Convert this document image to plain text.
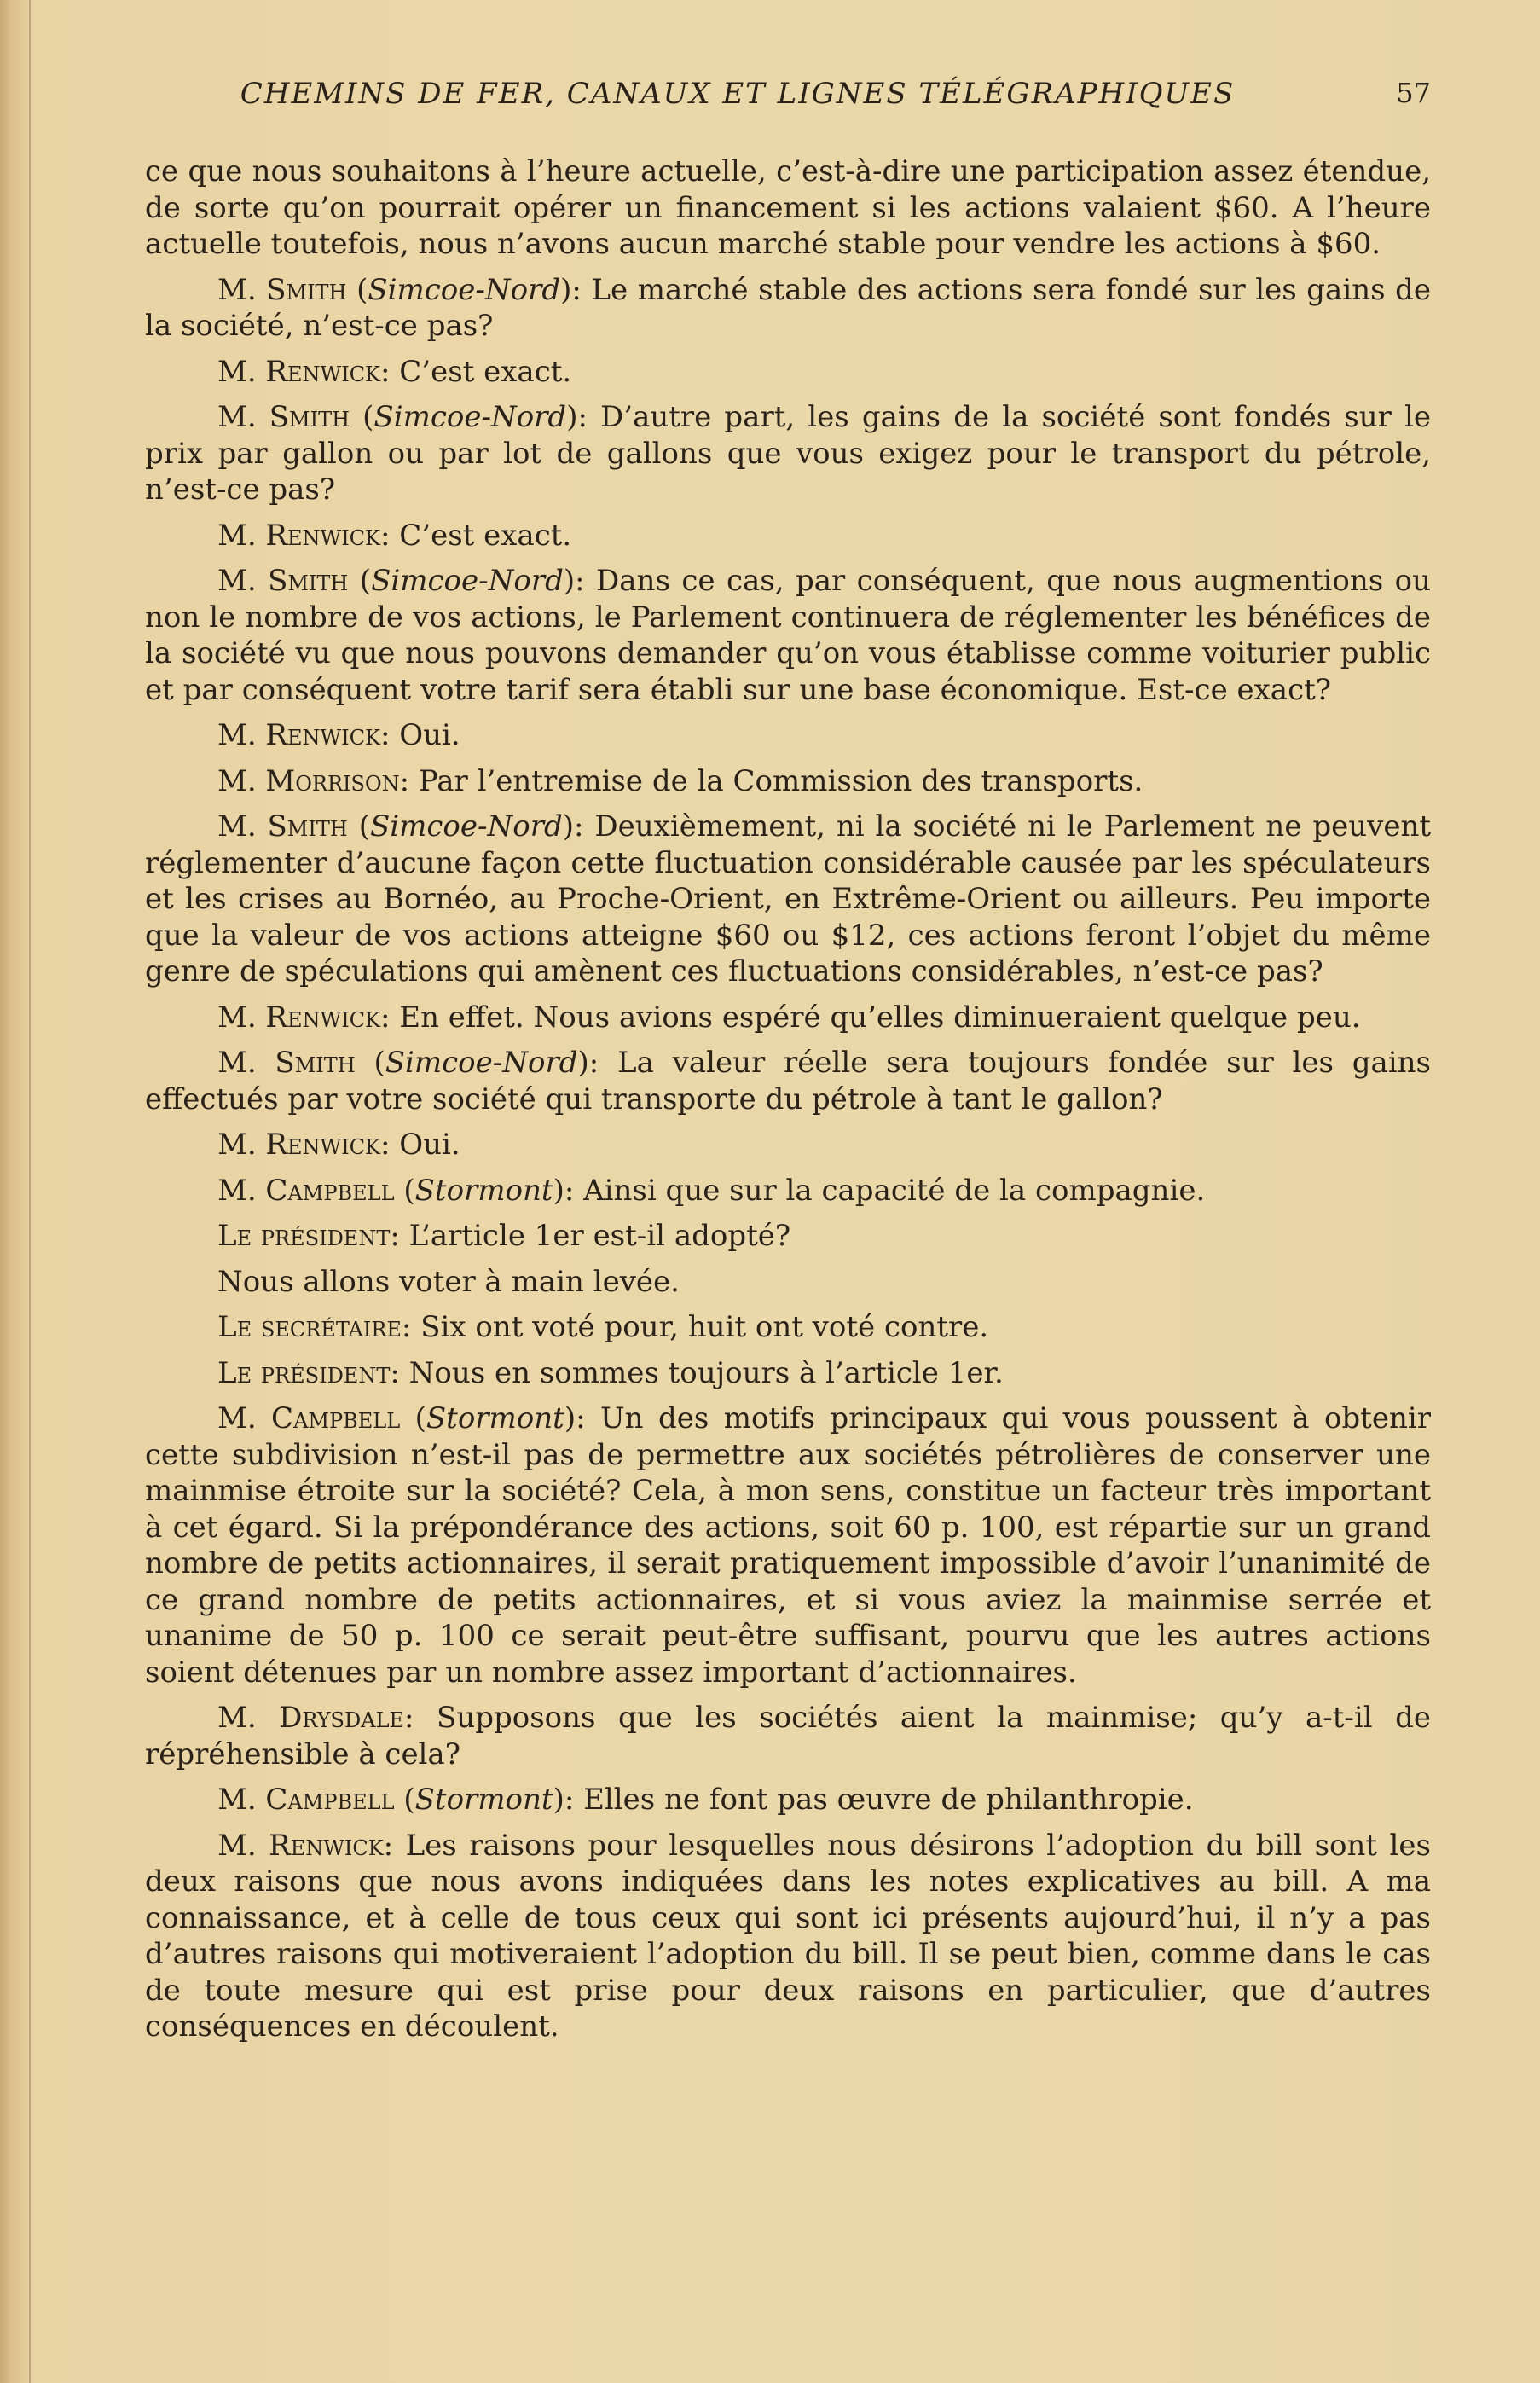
CHEMINS DE FER, CANAUX ET LIGNES TÉLÉGRAPHIQUES	57

ce que nous souhaitons à l’heure actuelle, c’est-à-dire une participation assez étendue, de sorte qu’on pourrait opérer un financement si les actions valaient $60. A l’heure actuelle toutefois, nous n’avons aucun marché stable pour vendre les actions à $60.

M. Smith (Simcoe-Nord): Le marché stable des actions sera fondé sur les gains de la société, n’est-ce pas?

M. Renwick: C’est exact.

M. Smith (Simcoe-Nord): D’autre part, les gains de la société sont fondés sur le prix par gallon ou par lot de gallons que vous exigez pour le transport du pétrole, n’est-ce pas?

M. Renwick: C’est exact.

M. Smith (Simcoe-Nord): Dans ce cas, par conséquent, que nous augmentions ou non le nombre de vos actions, le Parlement continuera de réglementer les bénéfices de la société vu que nous pouvons demander qu’on vous établisse comme voiturier public et par conséquent votre tarif sera établi sur une base économique. Est-ce exact?

M. Renwick: Oui.

M. Morrison: Par l’entremise de la Commission des transports.

M. Smith (Simcoe-Nord): Deuxièmement, ni la société ni le Parlement ne peuvent réglementer d’aucune façon cette fluctuation considérable causée par les spéculateurs et les crises au Bornéo, au Proche-Orient, en Extrême-Orient ou ailleurs. Peu importe que la valeur de vos actions atteigne $60 ou $12, ces actions feront l’objet du même genre de spéculations qui amènent ces fluctuations considérables, n’est-ce pas?

M. Renwick: En effet. Nous avions espéré qu’elles diminueraient quelque peu.

M. Smith (Simcoe-Nord): La valeur réelle sera toujours fondée sur les gains effectués par votre société qui transporte du pétrole à tant le gallon?

M. Renwick: Oui.

M. Campbell (Stormont): Ainsi que sur la capacité de la compagnie.

Le président: L’article 1er est-il adopté?

Nous allons voter à main levée.

Le secrétaire: Six ont voté pour, huit ont voté contre.

Le président: Nous en sommes toujours à l’article 1er.

M. Campbell (Stormont): Un des motifs principaux qui vous poussent à obtenir cette subdivision n’est-il pas de permettre aux sociétés pétrolières de conserver une mainmise étroite sur la société? Cela, à mon sens, constitue un facteur très important à cet égard. Si la prépondérance des actions, soit 60 p. 100, est répartie sur un grand nombre de petits actionnaires, il serait pratiquement impossible d’avoir l’unanimité de ce grand nombre de petits actionnaires, et si vous aviez la mainmise serrée et unanime de 50 p. 100 ce serait peut-être suffisant, pourvu que les autres actions soient détenues par un nombre assez important d’actionnaires.

M. Drysdale: Supposons que les sociétés aient la mainmise; qu’y a-t-il de répréhensible à cela?

M. Campbell (Stormont): Elles ne font pas œuvre de philanthropie.

M. Renwick: Les raisons pour lesquelles nous désirons l’adoption du bill sont les deux raisons que nous avons indiquées dans les notes explicatives au bill. A ma connaissance, et à celle de tous ceux qui sont ici présents aujourd’hui, il n’y a pas d’autres raisons qui motiveraient l’adoption du bill. Il se peut bien, comme dans le cas de toute mesure qui est prise pour deux raisons en particulier, que d’autres conséquences en découlent.
